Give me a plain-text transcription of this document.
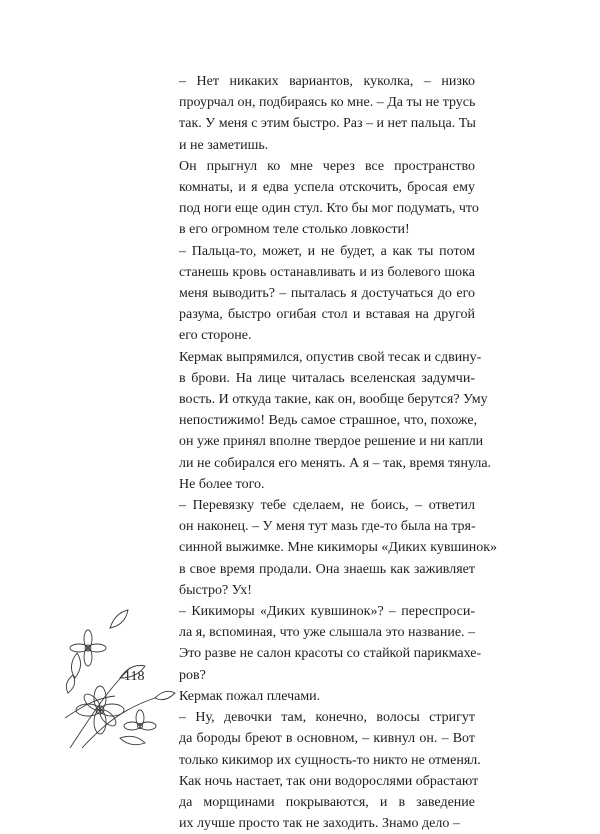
– Нет никаких вариантов, куколка, – низко
проурчал он, подбираясь ко мне. – Да ты не трусь
так. У меня с этим быстро. Раз – и нет пальца. Ты
и не заметишь.
Он прыгнул ко мне через все пространство
комнаты, и я едва успела отскочить, бросая ему
под ноги еще один стул. Кто бы мог подумать, что
в его огромном теле столько ловкости!
– Пальца-то, может, и не будет, а как ты потом
станешь кровь останавливать и из болевого шока
меня выводить? – пыталась я достучаться до его
разума, быстро огибая стол и вставая на другой
его стороне.
Кермак выпрямился, опустив свой тесак и сдвину-
в брови. На лице читалась вселенская задумчи-
вость. И откуда такие, как он, вообще берутся? Уму
непостижимо! Ведь самое страшное, что, похоже,
он уже принял вполне твердое решение и ни капли
ли не собирался его менять. А я – так, время тянула.
Не более того.
– Перевязку тебе сделаем, не боись, – ответил
он наконец. – У меня тут мазь где-то была на тря-
синной выжимке. Мне кикиморы «Диких кувшинок»
в свое время продали. Она знаешь как заживляет
быстро? Ух!
– Кикиморы «Диких кувшинок»? – переспроси-
ла я, вспоминая, что уже слышала это название. –
Это разве не салон красоты со стайкой парикмахе-
ров?
Кермак пожал плечами.
– Ну, девочки там, конечно, волосы стригут
да бороды бреют в основном, – кивнул он. – Вот
только кикимор их сущность-то никто не отменял.
Как ночь настает, так они водорослями обрастают
да морщинами покрываются, и в заведение
их лучше просто так не заходить. Знамо дело –
118
